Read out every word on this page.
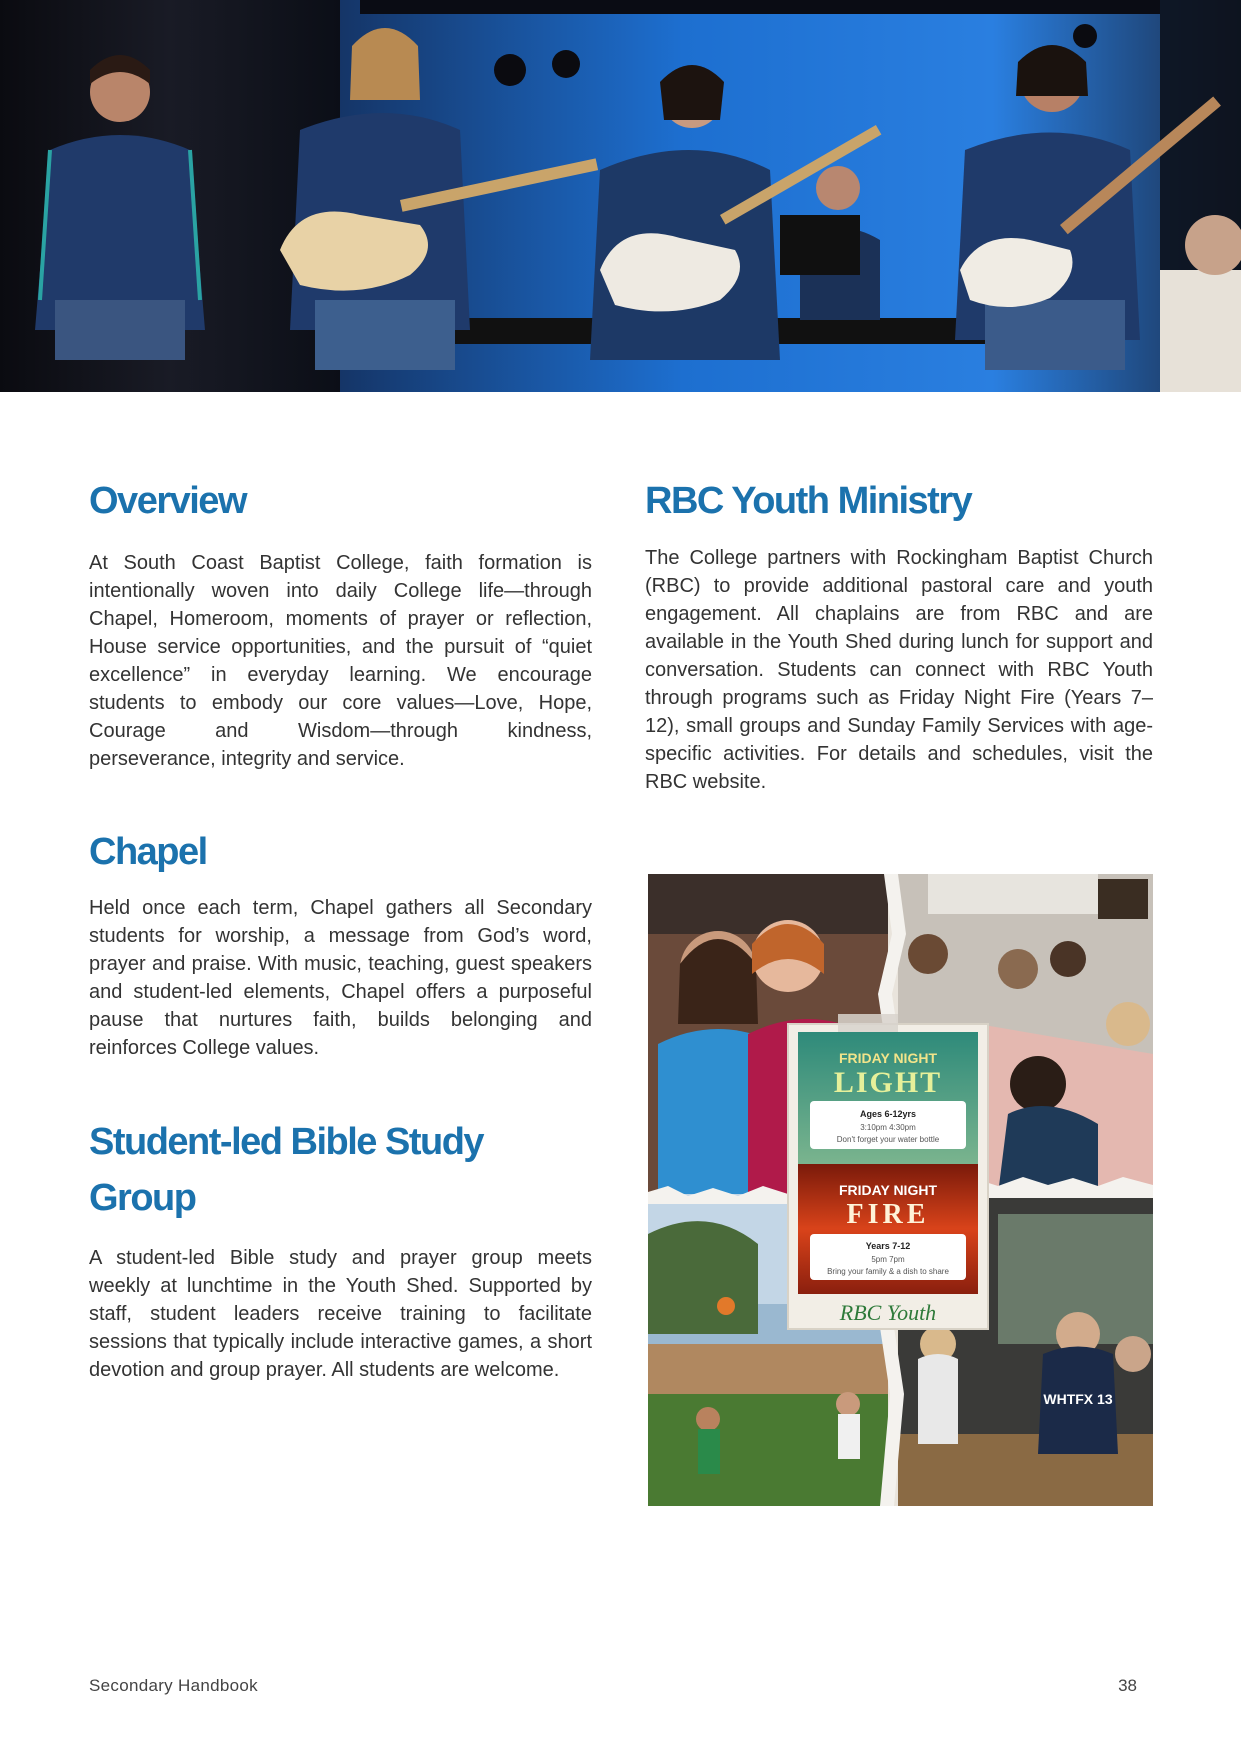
Overview

At South Coast Baptist College, faith formation is intentionally woven into daily College life—through Chapel, Homeroom, moments of prayer or reflection, House service opportunities, and the pursuit of “quiet excellence” in everyday learning. We encourage students to embody our core values—Love, Hope, Courage and Wisdom—through kindness, perseverance, integrity and service.

Chapel

Held once each term, Chapel gathers all Secondary students for worship, a message from God’s word, prayer and praise. With music, teaching, guest speakers and student-led elements, Chapel offers a purposeful pause that nurtures faith, builds belonging and reinforces College values.

Student-led Bible Study
Group

A student-led Bible study and prayer group meets weekly at lunchtime in the Youth Shed. Supported by staff, student leaders receive training to facilitate sessions that typically include interactive games, a short devotion and group prayer. All students are welcome.

RBC Youth Ministry

The College partners with Rockingham Baptist Church (RBC) to provide additional pastoral care and youth engagement. All chaplains are from RBC and are available in the Youth Shed during lunch for support and conversation. Students can connect with RBC Youth through programs such as Friday Night Fire (Years 7–12), small groups and Sunday Family Services with age-specific activities. For details and schedules, visit the RBC website.

WHTFX 13
FRIDAY NIGHT
LIGHT
Ages 6-12yrs
3:10pm 4:30pm
Don't forget your water bottle
FRIDAY NIGHT
FIRE
Years 7-12
5pm 7pm
Bring your family & a dish to share
RBC Youth
Secondary Handbook	38
